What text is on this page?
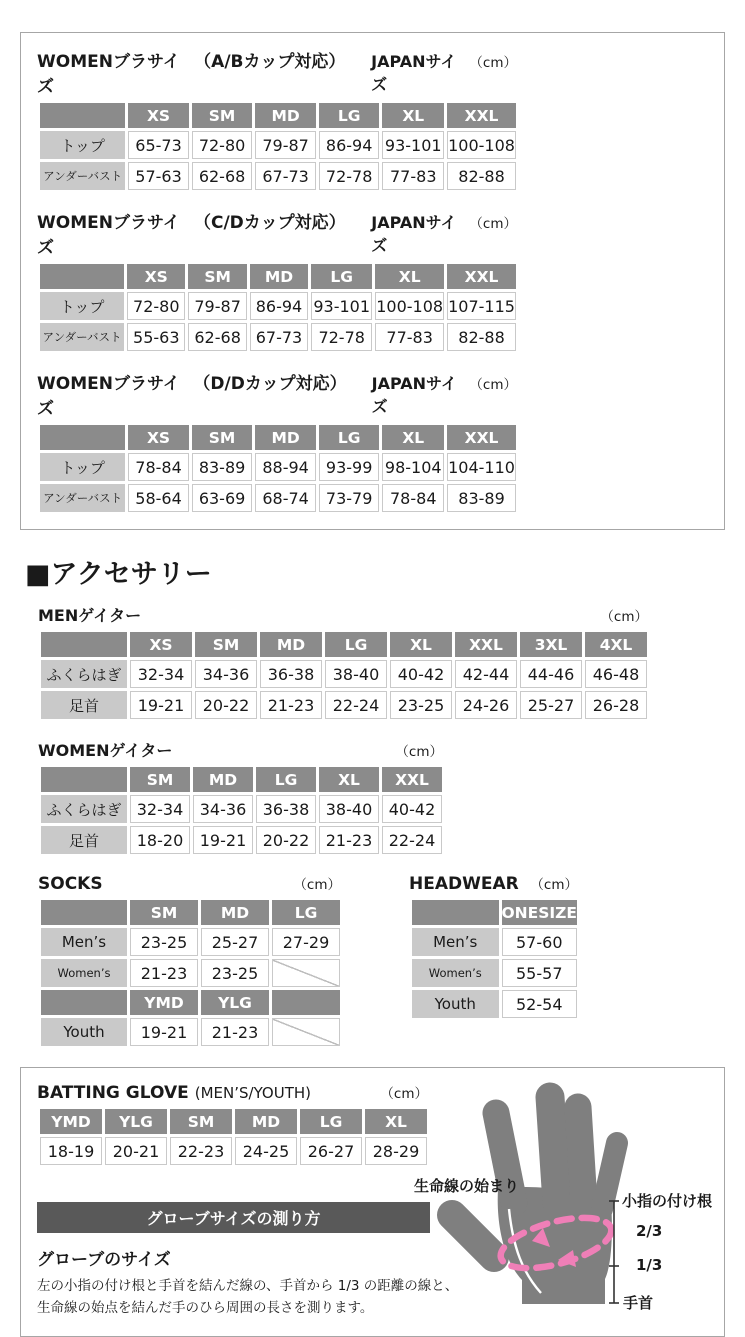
WOMENブラサイズ
（A/Bカップ対応） JAPANサイズ
（cm）
	XS	SM	MD	LG	XL	XXL
トップ	65-73	72-80	79-87	86-94	93-101	100-108
アンダーバスト	57-63	62-68	67-73	72-78	77-83	82-88
WOMENブラサイズ
（C/Dカップ対応） JAPANサイズ
（cm）
	XS	SM	MD	LG	XL	XXL
トップ	72-80	79-87	86-94	93-101	100-108	107-115
アンダーバスト	55-63	62-68	67-73	72-78	77-83	82-88
WOMENブラサイズ
（D/Dカップ対応） JAPANサイズ
（cm）
	XS	SM	MD	LG	XL	XXL
トップ	78-84	83-89	88-94	93-99	98-104	104-110
アンダーバスト	58-64	63-69	68-74	73-79	78-84	83-89
■アクセサリー
MENゲイター	（cm）
	XS	SM	MD	LG	XL	XXL	3XL	4XL
ふくらはぎ	32-34	34-36	36-38	38-40	40-42	42-44	44-46	46-48
足首	19-21	20-22	21-23	22-24	23-25	24-26	25-27	26-28
WOMENゲイター	（cm）
	SM	MD	LG	XL	XXL
ふくらはぎ	32-34	34-36	36-38	38-40	40-42
足首	18-20	19-21	20-22	21-23	22-24
SOCKS	（cm）
	SM	MD	LG
Men’s	23-25	25-27	27-29
Women’s	21-23	23-25	
	YMD	YLG	
Youth	19-21	21-23	
HEADWEAR （cm）
	ONESIZE
Men’s	57-60
Women’s	55-57
Youth	52-54
BATTING GLOVE (MEN’S/YOUTH)	（cm）
YMD	YLG	SM	MD	LG	XL
18-19	20-21	22-23	24-25	26-27	28-29
グローブサイズの測り方
グローブのサイズ
左の小指の付け根と手首を結んだ線の、手首から 1/3 の距離の線と、
生命線の始点を結んだ手のひら周囲の長さを測ります。
生命線の始まり
小指の付け根
2/3
1/3
手首
